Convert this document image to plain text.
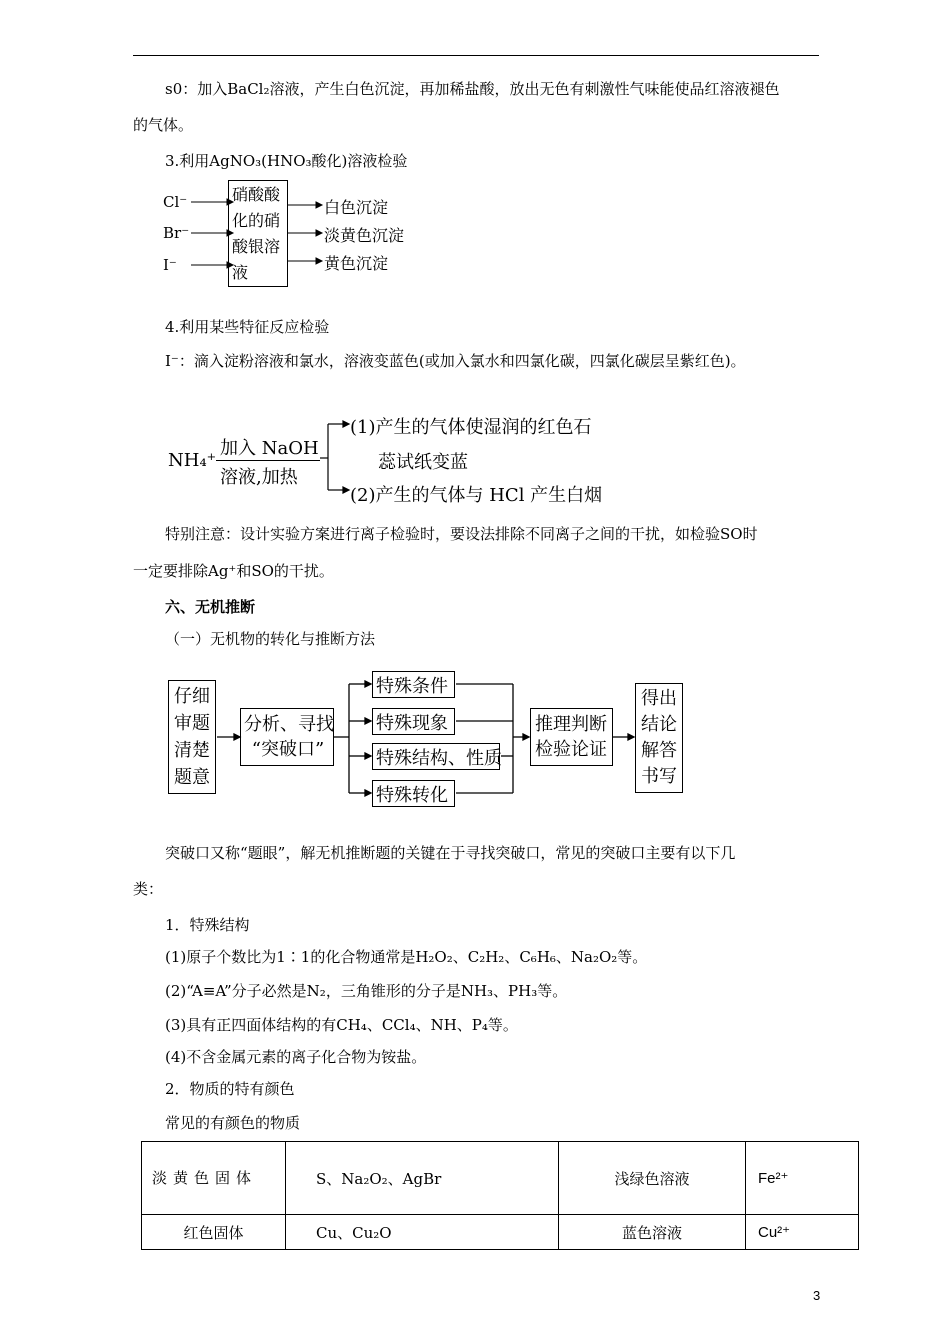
s0：加入BaCl₂溶液，产生白色沉淀，再加稀盐酸，放出无色有刺激性气味能使品红溶液褪色
的气体。
3.利用AgNO₃(HNO₃酸化)溶液检验
Cl⁻
Br⁻
I⁻
硝酸酸
化的硝
酸银溶
液
白色沉淀
淡黄色沉淀
黄色沉淀
4.利用某些特征反应检验
I⁻：滴入淀粉溶液和氯水，溶液变蓝色(或加入氯水和四氯化碳，四氯化碳层呈紫红色)。
NH₄⁺
加入 NaOH
溶液,加热
(1)产生的气体使湿润的红色石
蕊试纸变蓝
(2)产生的气体与 HCl 产生白烟
特别注意：设计实验方案进行离子检验时，要设法排除不同离子之间的干扰，如检验SO时
一定要排除Ag⁺和SO的干扰。
六、无机推断
（一）无机物的转化与推断方法
仔细
审题
清楚
题意
分析、寻找
“突破口”
特殊条件
特殊现象
特殊结构、性质
特殊转化
推理判断
检验论证
得出
结论
解答
书写
突破口又称“题眼”，解无机推断题的关键在于寻找突破口，常见的突破口主要有以下几
类：
1．特殊结构
(1)原子个数比为1∶1的化合物通常是H₂O₂、C₂H₂、C₆H₆、Na₂O₂等。
(2)“A≡A”分子必然是N₂，三角锥形的分子是NH₃、PH₃等。
(3)具有正四面体结构的有CH₄、CCl₄、NH、P₄等。
(4)不含金属元素的离子化合物为铵盐。
2．物质的特有颜色
常见的有颜色的物质
淡黄色固体	S、Na₂O₂、AgBr	浅绿色溶液	Fe²⁺
红色固体	Cu、Cu₂O	蓝色溶液	Cu²⁺
3
